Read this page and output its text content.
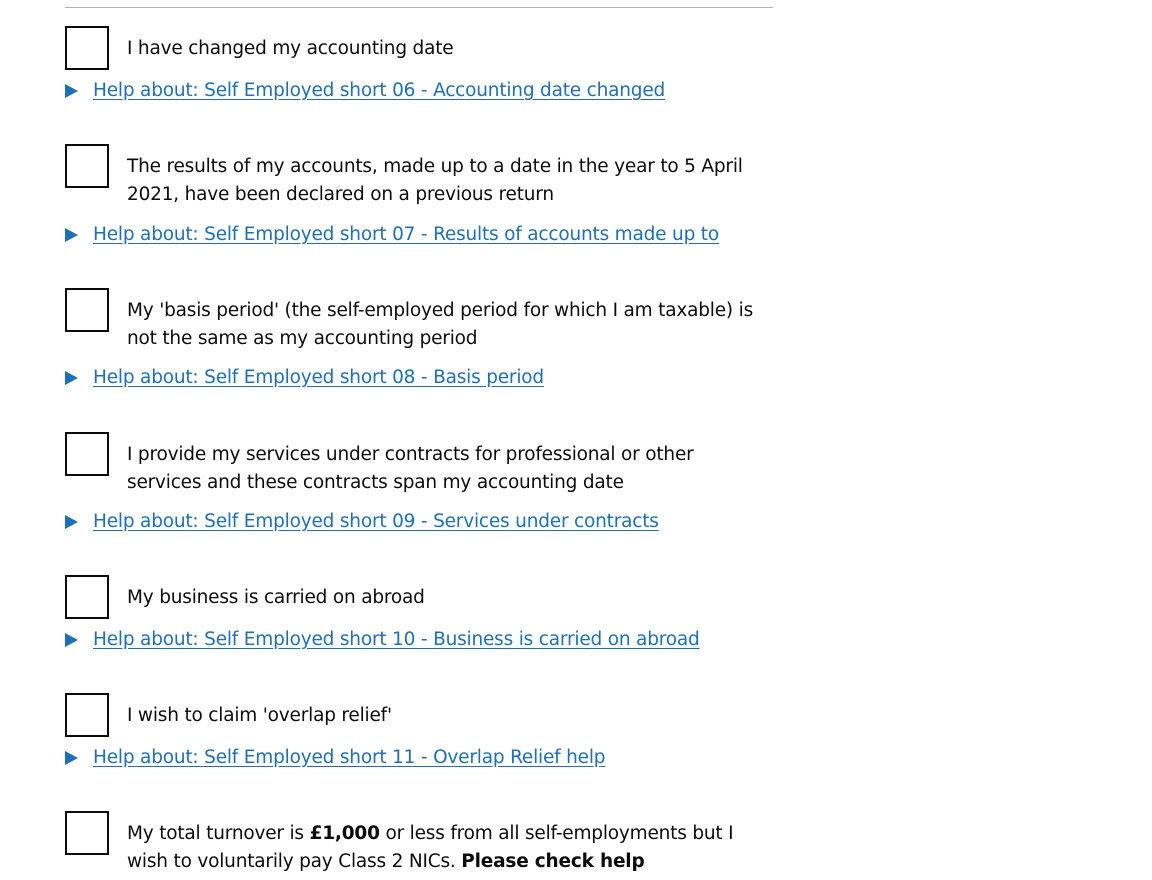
I have changed my accounting date
Help about: Self Employed short 06 - Accounting date changed
The results of my accounts, made up to a date in the year to 5 April 2021, have been declared on a previous return
Help about: Self Employed short 07 - Results of accounts made up to
My 'basis period' (the self-employed period for which I am taxable) is not the same as my accounting period
Help about: Self Employed short 08 - Basis period
I provide my services under contracts for professional or other services and these contracts span my accounting date
Help about: Self Employed short 09 - Services under contracts
My business is carried on abroad
Help about: Self Employed short 10 - Business is carried on abroad
I wish to claim 'overlap relief'
Help about: Self Employed short 11 - Overlap Relief help
My total turnover is £1,000 or less from all self-employments but I wish to voluntarily pay Class 2 NICs. Please check help
